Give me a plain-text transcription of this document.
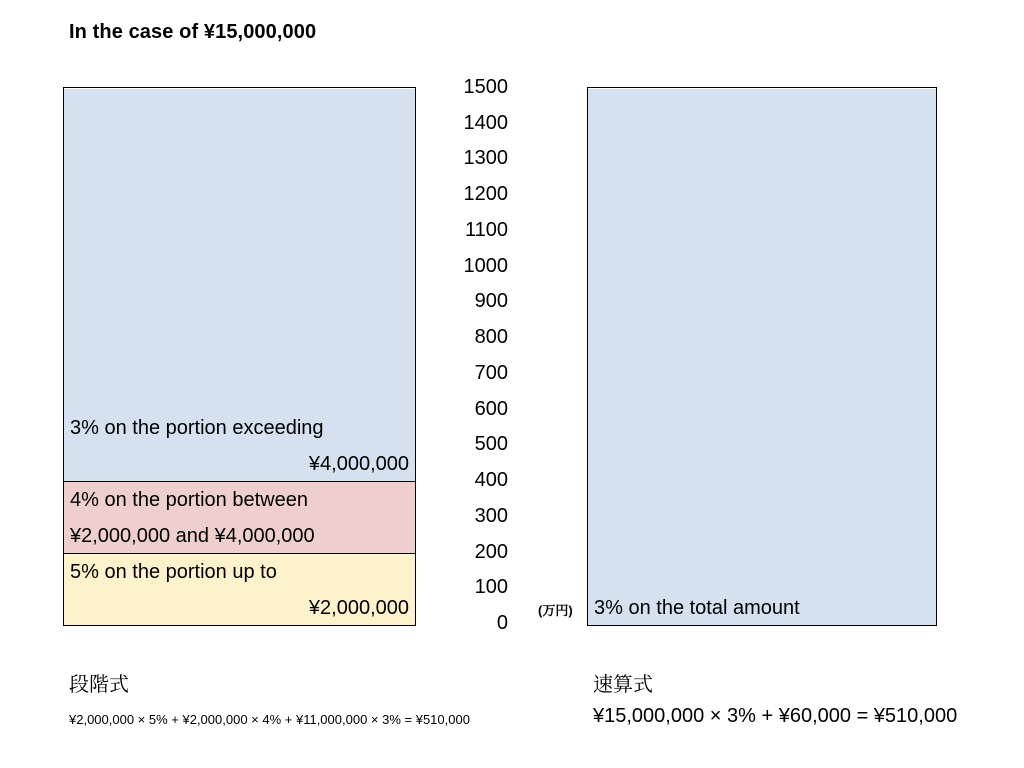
In the case of ¥15,000,000
5% on the portion up to
¥2,000,000
4% on the portion between
¥2,000,000 and ¥4,000,000
3% on the portion exceeding
¥4,000,000
0
100
200
300
400
500
600
700
800
900
1000
1100
1200
1300
1400
1500
(万円) 3% on the total amount
段階式
¥2,000,000 × 5% + ¥2,000,000 × 4% + ¥11,000,000 × 3% = ¥510,000
速算式
¥15,000,000 × 3% + ¥60,000 = ¥510,000
